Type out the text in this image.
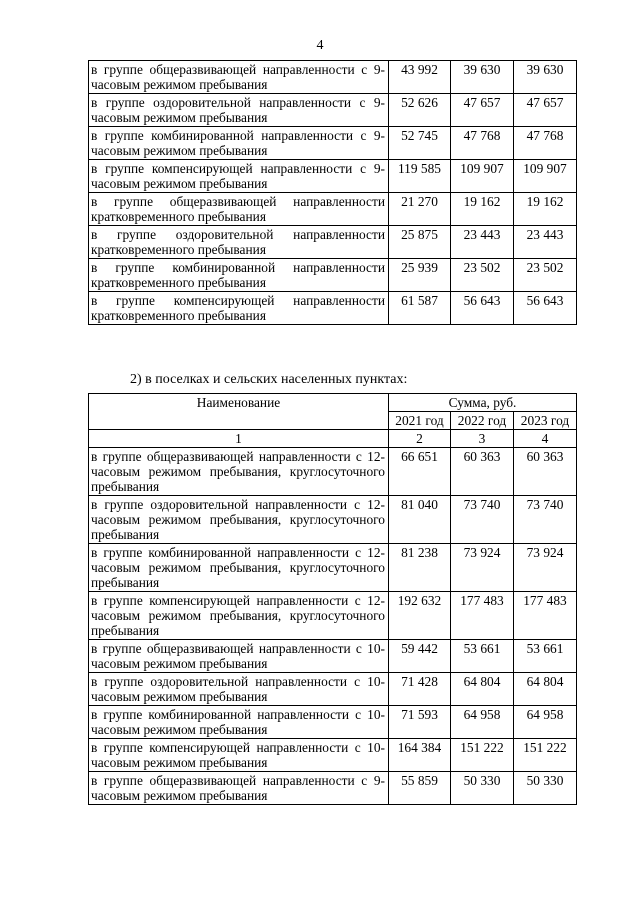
4
в группе общеразвивающей направленности с 9-часовым режимом пребывания	43 992	39 630	39 630
в группе оздоровительной направленности с 9-часовым режимом пребывания	52 626	47 657	47 657
в группе комбинированной направленности с 9-часовым режимом пребывания	52 745	47 768	47 768
в группе компенсирующей направленности с 9-часовым режимом пребывания	119 585	109 907	109 907
в группе общеразвивающей направленности кратковременного пребывания	21 270	19 162	19 162
в группе оздоровительной направленности кратковременного пребывания	25 875	23 443	23 443
в группе комбинированной направленности кратковременного пребывания	25 939	23 502	23 502
в группе компенсирующей направленности кратковременного пребывания	61 587	56 643	56 643
2) в поселках и сельских населенных пунктах:
Наименование	Сумма, руб.		
	2021 год	2022 год	2023 год
1	2	3	4
в группе общеразвивающей направленности с 12-часовым режимом пребывания, круглосуточного пребывания	66 651	60 363	60 363
в группе оздоровительной направленности с 12-часовым режимом пребывания, круглосуточного пребывания	81 040	73 740	73 740
в группе комбинированной направленности с 12-часовым режимом пребывания, круглосуточного пребывания	81 238	73 924	73 924
в группе компенсирующей направленности с 12-часовым режимом пребывания, круглосуточного пребывания	192 632	177 483	177 483
в группе общеразвивающей направленности с 10-часовым режимом пребывания	59 442	53 661	53 661
в группе оздоровительной направленности с 10-часовым режимом пребывания	71 428	64 804	64 804
в группе комбинированной направленности с 10-часовым режимом пребывания	71 593	64 958	64 958
в группе компенсирующей направленности с 10-часовым режимом пребывания	164 384	151 222	151 222
в группе общеразвивающей направленности с 9-часовым режимом пребывания	55 859	50 330	50 330
